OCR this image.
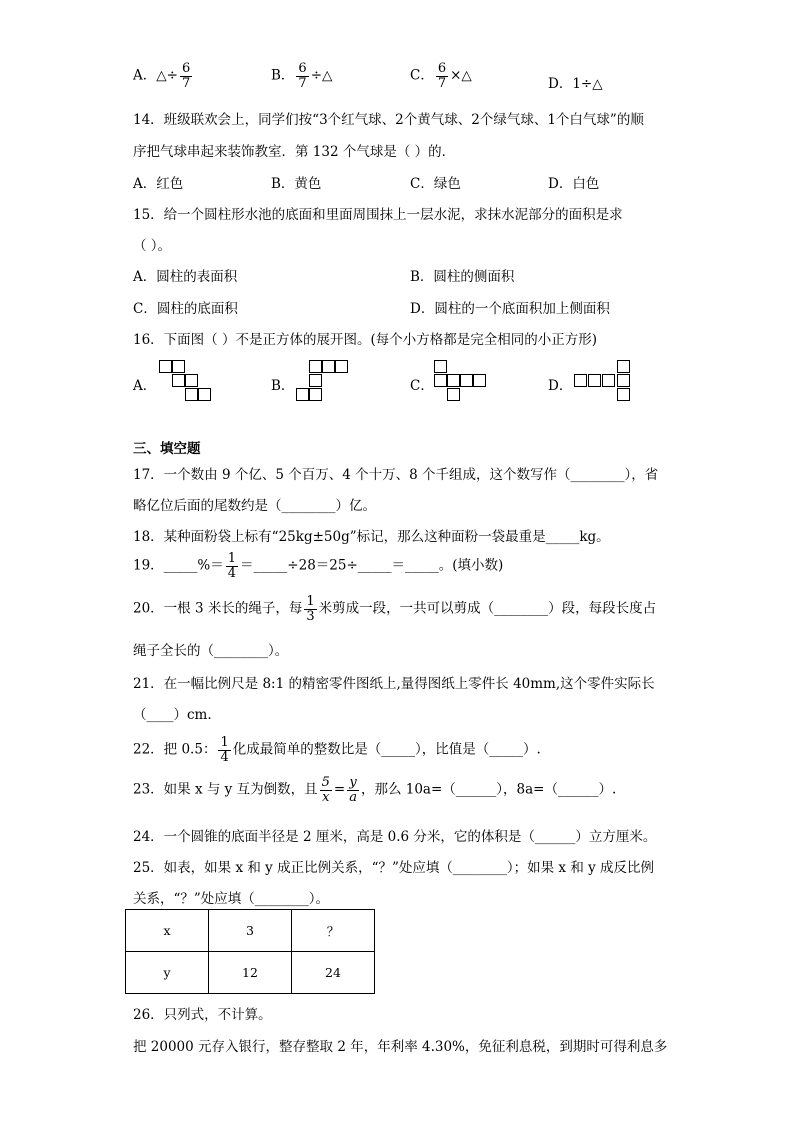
A．△÷ $\frac{6}{7}$	B． $\frac{6}{7}$ ÷△	C． $\frac{6}{7}$ ×△
D．1÷△
14．班级联欢会上，同学们按“3个红气球、2个黄气球、2个绿气球、1个白气球”的顺
序把气球串起来装饰教室．第 132 个气球是（ ）的．
A．红色	B．黄色	C．绿色	D．白色
15．给一个圆柱形水池的底面和里面周围抹上一层水泥，求抹水泥部分的面积是求
（ ）。
A．圆柱的表面积	B．圆柱的侧面积
C．圆柱的底面积	D．圆柱的一个底面积加上侧面积
16．下面图（ ）不是正方体的展开图。(每个小方格都是完全相同的小正方形)
A．	B．	C．	D．
三、填空题
17．一个数由 9 个亿、5 个百万、4 个十万、8 个千组成，这个数写作（________），省
略亿位后面的尾数约是（________）亿。
18．某种面粉袋上标有“25kg±50g”标记，那么这种面粉一袋最重是_____kg。
19．_____%＝ $\frac{1}{4}$ ＝_____÷28＝25÷_____＝_____。(填小数)
20．一根 3 米长的绳子，每 $\frac{1}{3}$ 米剪成一段，一共可以剪成（________）段，每段长度占
绳子全长的（________）。
21．在一幅比例尺是 8:1 的精密零件图纸上,量得图纸上零件长 40mm,这个零件实际长
（____）cm.
22．把 0.5： $\frac{1}{4}$ 化成最简单的整数比是（_____），比值是（_____）.
23．如果 x 与 y 互为倒数，且 $\frac{5}{x} = \frac{y}{a}$ ，那么 10a=（______），8a=（______）.
24．一个圆锥的底面半径是 2 厘米，高是 0.6 分米，它的体积是（______）立方厘米。
25．如表，如果 x 和 y 成正比例关系，“？”处应填（________）；如果 x 和 y 成反比例
关系，“？”处应填（________）。
x	3	？
y	12	24
26．只列式，不计算。
把 20000 元存入银行，整存整取 2 年，年利率 4.30%，免征利息税，到期时可得利息多
